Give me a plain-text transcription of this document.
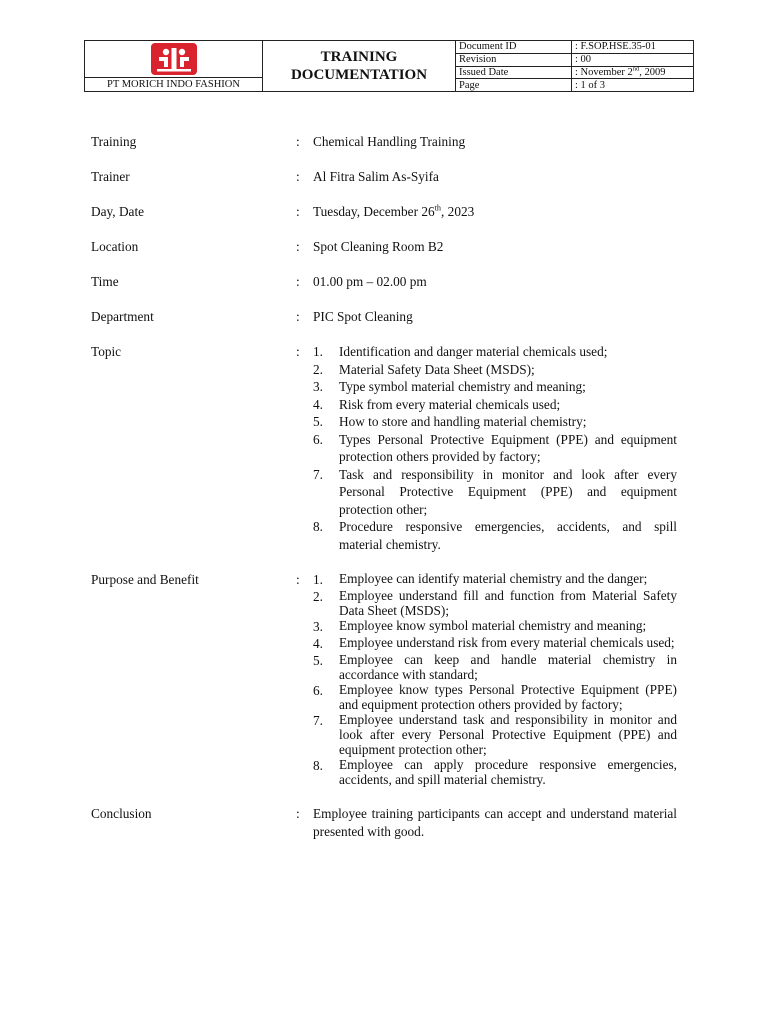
PT MORICH INDO FASHION
TRAINING
DOCUMENTATION
Document ID	: F.SOP.HSE.35-01
Revision	: 00
Issued Date	: November 2nd, 2009
Page	: 1 of 3
Training	: Chemical Handling Training
Trainer	: Al Fitra Salim As-Syifa
Day, Date	: Tuesday, December 26th, 2023
Location	: Spot Cleaning Room B2
Time	: 01.00 pm – 02.00 pm
Department	: PIC Spot Cleaning
Topic	: 1.	Identification and danger material chemicals used;
2.	Material Safety Data Sheet (MSDS);
3.	Type symbol material chemistry and meaning;
4.	Risk from every material chemicals used;
5.	How to store and handling material chemistry;
6.	Types Personal Protective Equipment (PPE) and equipment protection others provided by factory;
7.	Task and responsibility in monitor and look after every Personal Protective Equipment (PPE) and equipment protection other;
8.	Procedure responsive emergencies, accidents, and spill material chemistry.
Purpose and Benefit	: 1.	Employee can identify material chemistry and the danger;
2.	Employee understand fill and function from Material Safety Data Sheet (MSDS);
3.	Employee know symbol material chemistry and meaning;
4.	Employee understand risk from every material chemicals used;
5.	Employee can keep and handle material chemistry in accordance with standard;
6.	Employee know types Personal Protective Equipment (PPE) and equipment protection others provided by factory;
7.	Employee understand task and responsibility in monitor and look after every Personal Protective Equipment (PPE) and equipment protection other;
8.	Employee can apply procedure responsive emergencies, accidents, and spill material chemistry.
Conclusion	: Employee training participants can accept and understand material presented with good.
